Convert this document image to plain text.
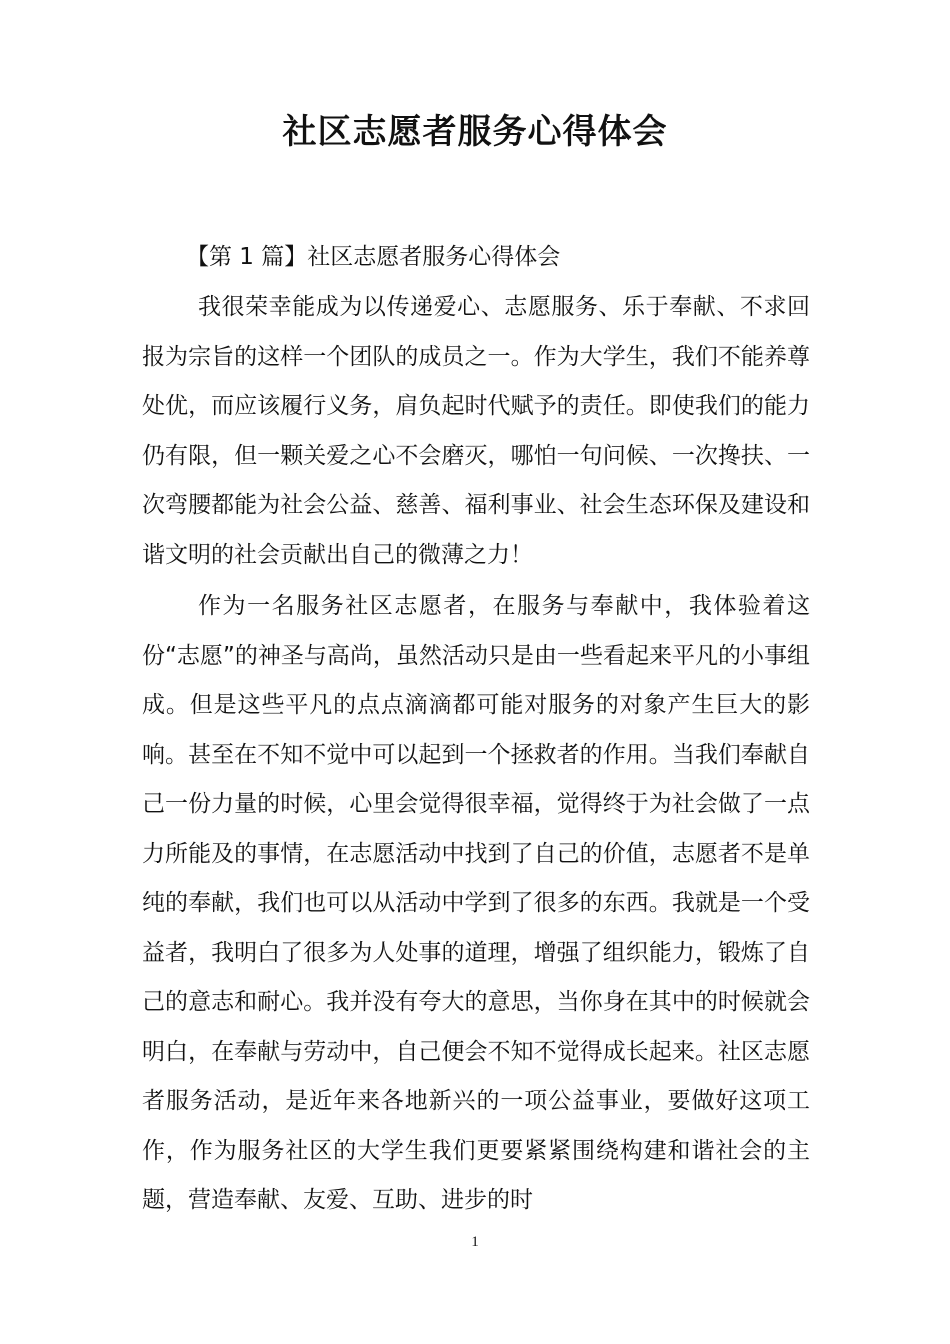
社区志愿者服务心得体会

【第 1 篇】社区志愿者服务心得体会

我很荣幸能成为以传递爱心、志愿服务、乐于奉献、不求回报为宗旨的这样一个团队的成员之一。作为大学生，我们不能养尊处优，而应该履行义务，肩负起时代赋予的责任。即使我们的能力仍有限，但一颗关爱之心不会磨灭，哪怕一句问候、一次搀扶、一次弯腰都能为社会公益、慈善、福利事业、社会生态环保及建设和谐文明的社会贡献出自己的微薄之力！

作为一名服务社区志愿者，在服务与奉献中，我体验着这份“志愿”的神圣与高尚，虽然活动只是由一些看起来平凡的小事组成。但是这些平凡的点点滴滴都可能对服务的对象产生巨大的影响。甚至在不知不觉中可以起到一个拯救者的作用。当我们奉献自己一份力量的时候，心里会觉得很幸福，觉得终于为社会做了一点力所能及的事情，在志愿活动中找到了自己的价值，志愿者不是单纯的奉献，我们也可以从活动中学到了很多的东西。我就是一个受益者，我明白了很多为人处事的道理，增强了组织能力，锻炼了自己的意志和耐心。我并没有夸大的意思，当你身在其中的时候就会明白，在奉献与劳动中，自己便会不知不觉得成长起来。社区志愿者服务活动，是近年来各地新兴的一项公益事业，要做好这项工作，作为服务社区的大学生我们更要紧紧围绕构建和谐社会的主题，营造奉献、友爱、互助、进步的时

1
